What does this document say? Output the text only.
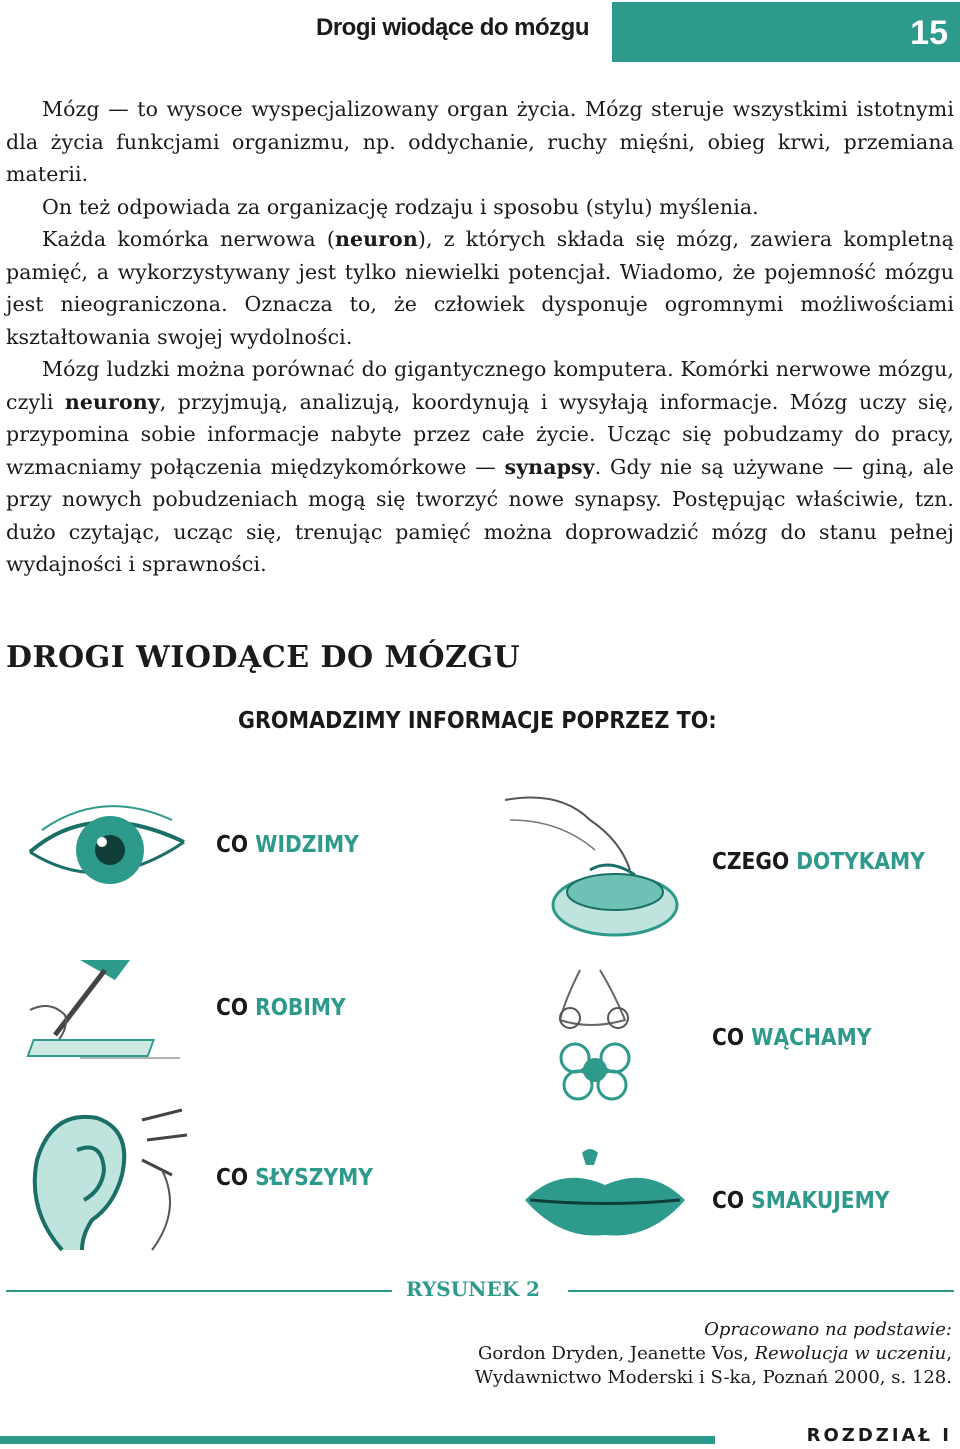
Drogi wiodące do mózgu	15

Mózg — to wysoce wyspecjalizowany organ życia. Mózg steruje wszystkimi istotnymi dla życia funkcjami organizmu, np. oddychanie, ruchy mięśni, obieg krwi, przemiana materii.

On też odpowiada za organizację rodzaju i sposobu (stylu) myślenia.

Każda komórka nerwowa (neuron), z których składa się mózg, zawiera kompletną pamięć, a wykorzystywany jest tylko niewielki potencjał. Wiadomo, że pojemność mózgu jest nieograniczona. Oznacza to, że człowiek dysponuje ogromnymi możliwościami kształtowania swojej wydolności.

Mózg ludzki można porównać do gigantycznego komputera. Komórki nerwowe mózgu, czyli neurony, przyjmują, analizują, koordynują i wysyłają informacje. Mózg uczy się, przypomina sobie informacje nabyte przez całe życie. Ucząc się pobudzamy do pracy, wzmacniamy połączenia międzykomórkowe — synapsy. Gdy nie są używane — giną, ale przy nowych pobudzeniach mogą się tworzyć nowe synapsy. Postępując właściwie, tzn. dużo czytając, ucząc się, trenując pamięć można doprowadzić mózg do stanu pełnej wydajności i sprawności.

DROGI WIODĄCE DO MÓZGU
GROMADZIMY INFORMACJE POPRZEZ TO:
CO WIDZIMY
CZEGO DOTYKAMY
CO ROBIMY
CO WĄCHAMY
CO SŁYSZYMY
CO SMAKUJEMY
RYSUNEK 2
Opracowano na podstawie:
Gordon Dryden, Jeanette Vos, Rewolucja w uczeniu,
Wydawnictwo Moderski i S-ka, Poznań 2000, s. 128.
ROZDZIAŁ I
